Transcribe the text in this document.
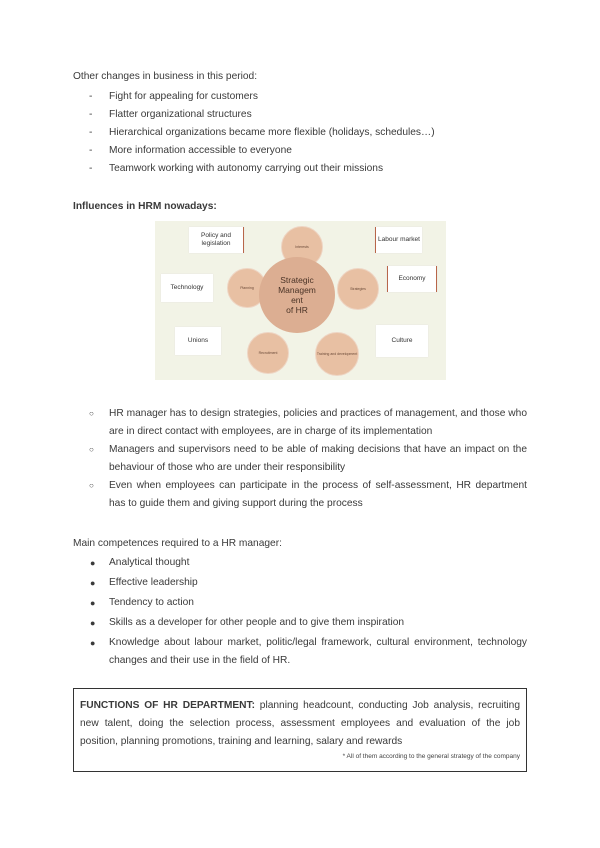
Other changes in business in this period:

- Fight for appealing for customers
- Flatter organizational structures
- Hierarchical organizations became more flexible (holidays, schedules…)
- More information accessible to everyone
- Teamwork working with autonomy carrying out their missions

Influences in HRM nowadays:

Policy and legislation
Labour market
Technology
Economy
Unions	Culture
Interests
Planning	Strategies
Recruitment	Training and development
Strategic
Managem
ent
of HR
○ HR manager has to design strategies, policies and practices of management, and those who are in direct contact with employees, are in charge of its implementation
○ Managers and supervisors need to be able of making decisions that have an impact on the behaviour of those who are under their responsibility
○ Even when employees can participate in the process of self-assessment, HR department has to guide them and giving support during the process

Main competences required to a HR manager:

● Analytical thought
● Effective leadership
● Tendency to action
● Skills as a developer for other people and to give them inspiration
● Knowledge about labour market, politic/legal framework, cultural environment, technology changes and their use in the field of HR.

FUNCTIONS OF HR DEPARTMENT: planning headcount, conducting Job analysis, recruiting new talent, doing the selection process, assessment employees and evaluation of the job position, planning promotions, training and learning, salary and rewards

* All of them according to the general strategy of the company
